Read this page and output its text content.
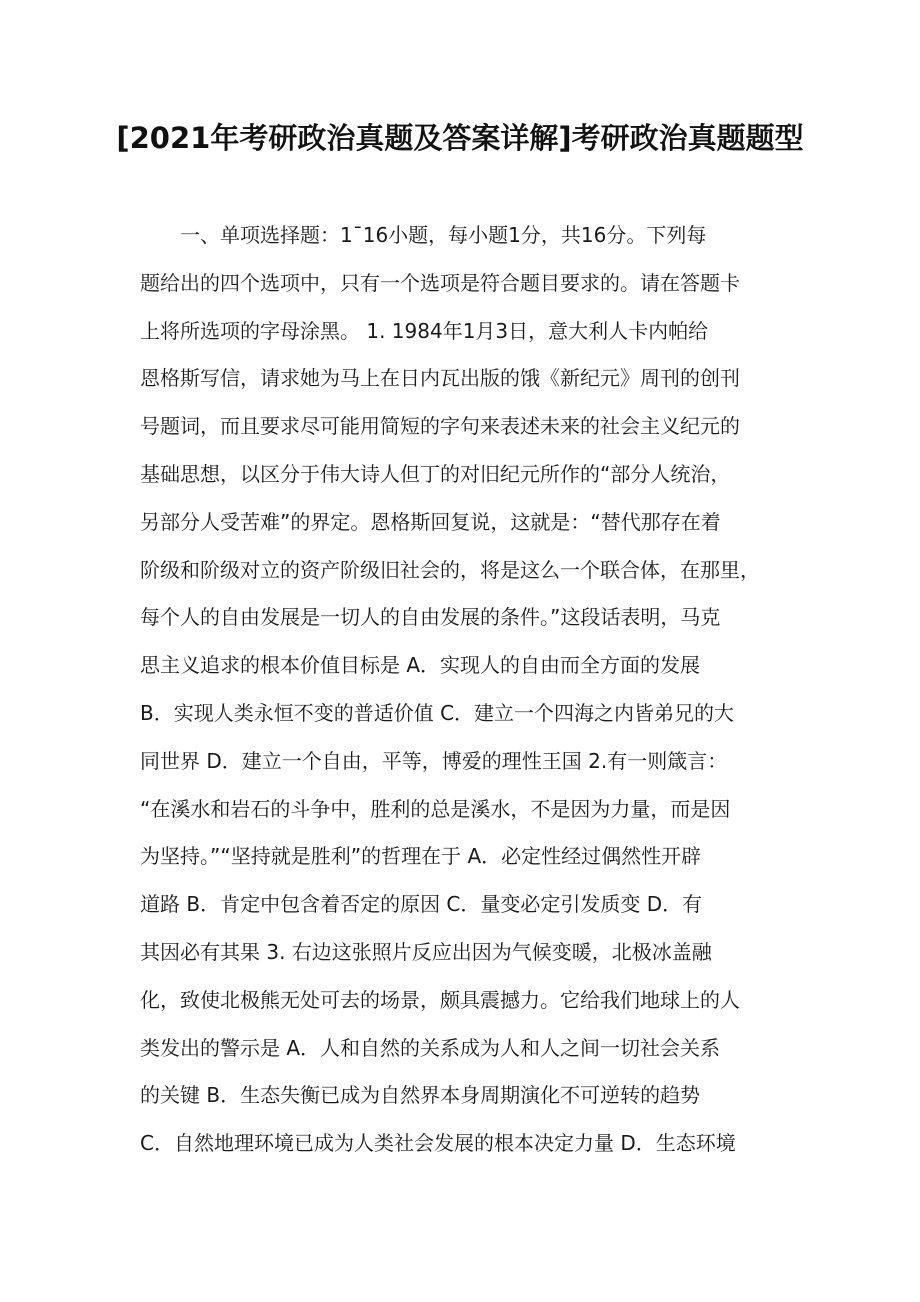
[2021年考研政治真题及答案详解]考研政治真题题型
一、单项选择题：1¯16小题，每小题1分，共16分。下列每
题给出的四个选项中，只有一个选项是符合题目要求的。请在答题卡
上将所选项的字母涂黑。 1. 1984年1月3日，意大利人卡内帕给
恩格斯写信，请求她为马上在日内瓦出版的饿《新纪元》周刊的创刊
号题词，而且要求尽可能用简短的字句来表述未来的社会主义纪元的
基础思想，以区分于伟大诗人但丁的对旧纪元所作的“部分人统治，
另部分人受苦难”的界定。恩格斯回复说，这就是：“替代那存在着
阶级和阶级对立的资产阶级旧社会的，将是这么一个联合体，在那里，
每个人的自由发展是一切人的自由发展的条件。”这段话表明，马克
思主义追求的根本价值目标是 A．实现人的自由而全方面的发展
B．实现人类永恒不变的普适价值 C．建立一个四海之内皆弟兄的大
同世界 D．建立一个自由，平等，博爱的理性王国 2.有一则箴言：
“在溪水和岩石的斗争中，胜利的总是溪水，不是因为力量，而是因
为坚持。”“坚持就是胜利”的哲理在于 A．必定性经过偶然性开辟
道路 B．肯定中包含着否定的原因 C．量变必定引发质变 D．有
其因必有其果 3. 右边这张照片反应出因为气候变暖，北极冰盖融
化，致使北极熊无处可去的场景，颇具震撼力。它给我们地球上的人
类发出的警示是 A．人和自然的关系成为人和人之间一切社会关系
的关键 B．生态失衡已成为自然界本身周期演化不可逆转的趋势
C．自然地理环境已成为人类社会发展的根本决定力量 D．生态环境
